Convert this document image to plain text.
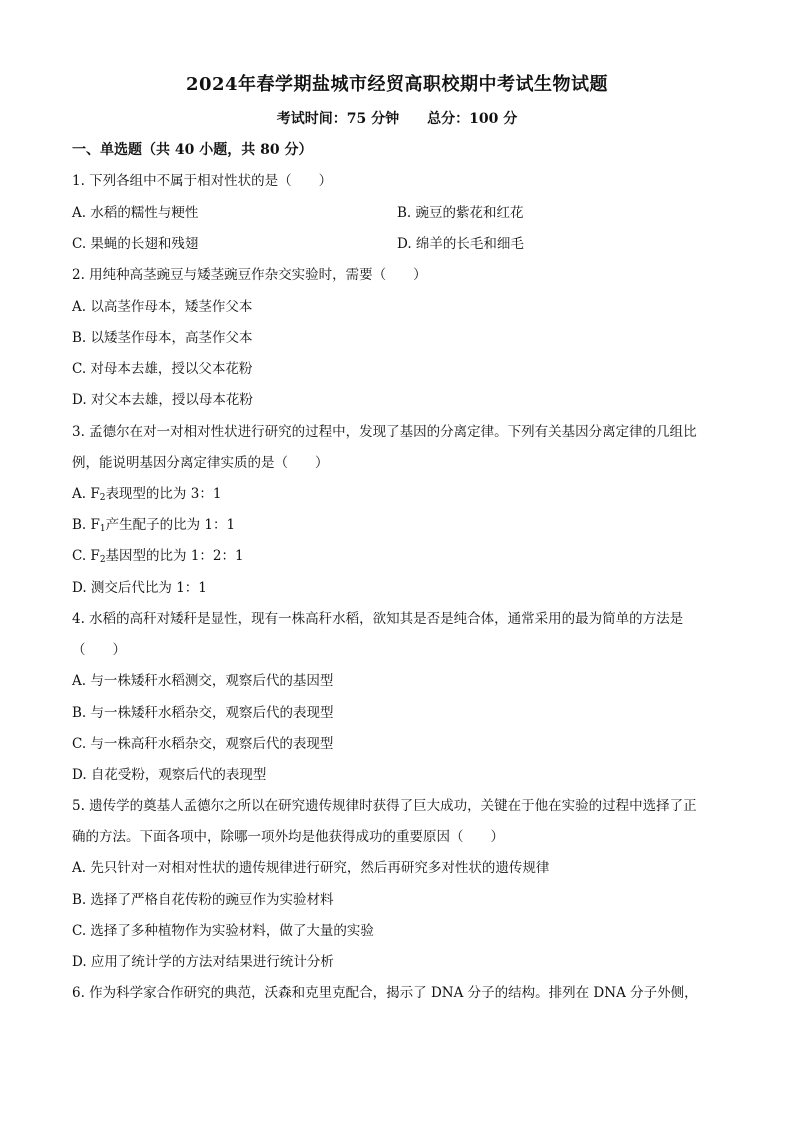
2024年春学期盐城市经贸高职校期中考试生物试题
考试时间：75 分钟 总分：100 分
一、单选题（共 40 小题，共 80 分）
1. 下列各组中不属于相对性状的是（　　）
A. 水稻的糯性与粳性	B. 豌豆的紫花和红花
C. 果蝇的长翅和残翅	D. 绵羊的长毛和细毛
2. 用纯种高茎豌豆与矮茎豌豆作杂交实验时，需要（　　）
A. 以高茎作母本，矮茎作父本
B. 以矮茎作母本，高茎作父本
C. 对母本去雄，授以父本花粉
D. 对父本去雄，授以母本花粉
3. 孟德尔在对一对相对性状进行研究的过程中，发现了基因的分离定律。下列有关基因分离定律的几组比
例，能说明基因分离定律实质的是（　　）
A. $F_2$表现型的比为 3：1
B. $F_1$产生配子的比为 1：1
C. $F_2$基因型的比为 1：2：1
D. 测交后代比为 1：1
4. 水稻的高秆对矮秆是显性，现有一株高秆水稻，欲知其是否是纯合体，通常采用的最为简单的方法是
（　　）
A. 与一株矮秆水稻测交，观察后代的基因型
B. 与一株矮秆水稻杂交，观察后代的表现型
C. 与一株高秆水稻杂交，观察后代的表现型
D. 自花受粉，观察后代的表现型
5. 遗传学的奠基人孟德尔之所以在研究遗传规律时获得了巨大成功，关键在于他在实验的过程中选择了正
确的方法。下面各项中，除哪一项外均是他获得成功的重要原因（　　）
A. 先只针对一对相对性状的遗传规律进行研究，然后再研究多对性状的遗传规律
B. 选择了严格自花传粉的豌豆作为实验材料
C. 选择了多种植物作为实验材料，做了大量的实验
D. 应用了统计学的方法对结果进行统计分析
6. 作为科学家合作研究的典范，沃森和克里克配合，揭示了 DNA 分子的结构。排列在 DNA 分子外侧，
